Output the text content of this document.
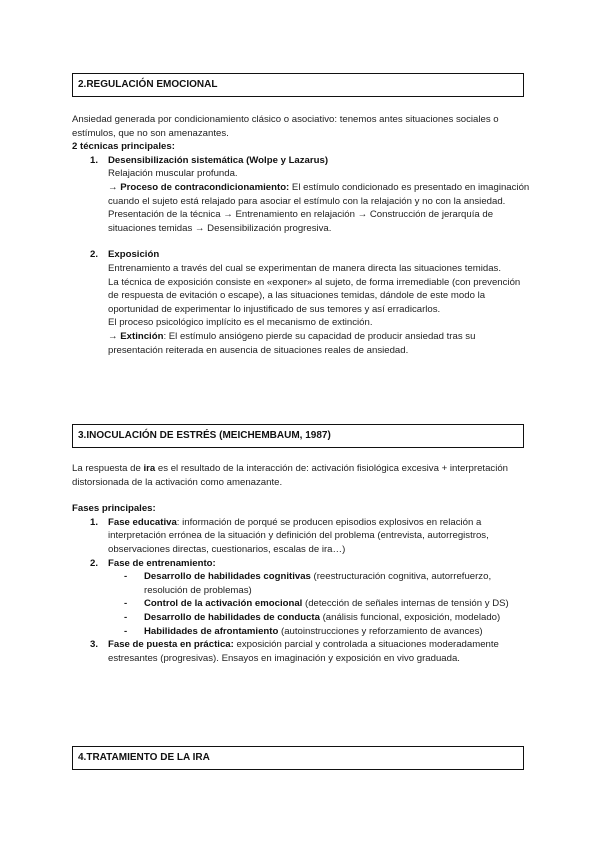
2.REGULACIÓN EMOCIONAL

Ansiedad generada por condicionamiento clásico o asociativo: tenemos antes situaciones sociales o estímulos, que no son amenazantes.

2 técnicas principales:

1. Desensibilización sistemática (Wolpe y Lazarus)

Relajación muscular profunda.

→ Proceso de contracondicionamiento: El estímulo condicionado es presentado en imaginación cuando el sujeto está relajado para asociar el estímulo con la relajación y no con la ansiedad.

Presentación de la técnica → Entrenamiento en relajación → Construcción de jerarquía de situaciones temidas → Desensibilización progresiva.

2. Exposición

Entrenamiento a través del cual se experimentan de manera directa las situaciones temidas.

La técnica de exposición consiste en «exponer» al sujeto, de forma irremediable (con prevención de respuesta de evitación o escape), a las situaciones temidas, dándole de este modo la oportunidad de experimentar lo injustificado de sus temores y así erradicarlos.

El proceso psicológico implícito es el mecanismo de extinción.

→ Extinción: El estímulo ansiógeno pierde su capacidad de producir ansiedad tras su presentación reiterada en ausencia de situaciones reales de ansiedad.

3.INOCULACIÓN DE ESTRÉS (MEICHEMBAUM, 1987)

La respuesta de ira es el resultado de la interacción de: activación fisiológica excesiva + interpretación distorsionada de la activación como amenazante.

Fases principales:

1. Fase educativa: información de porqué se producen episodios explosivos en relación a interpretación errónea de la situación y definición del problema (entrevista, autorregistros, observaciones directas, cuestionarios, escalas de ira…)

2. Fase de entrenamiento:

- Desarrollo de habilidades cognitivas (reestructuración cognitiva, autorrefuerzo, resolución de problemas)

- Control de la activación emocional (detección de señales internas de tensión y DS)

- Desarrollo de habilidades de conducta (análisis funcional, exposición, modelado)

- Habilidades de afrontamiento (autoinstrucciones y reforzamiento de avances)

3. Fase de puesta en práctica: exposición parcial y controlada a situaciones moderadamente estresantes (progresivas). Ensayos en imaginación y exposición en vivo graduada.

4.TRATAMIENTO DE LA IRA
